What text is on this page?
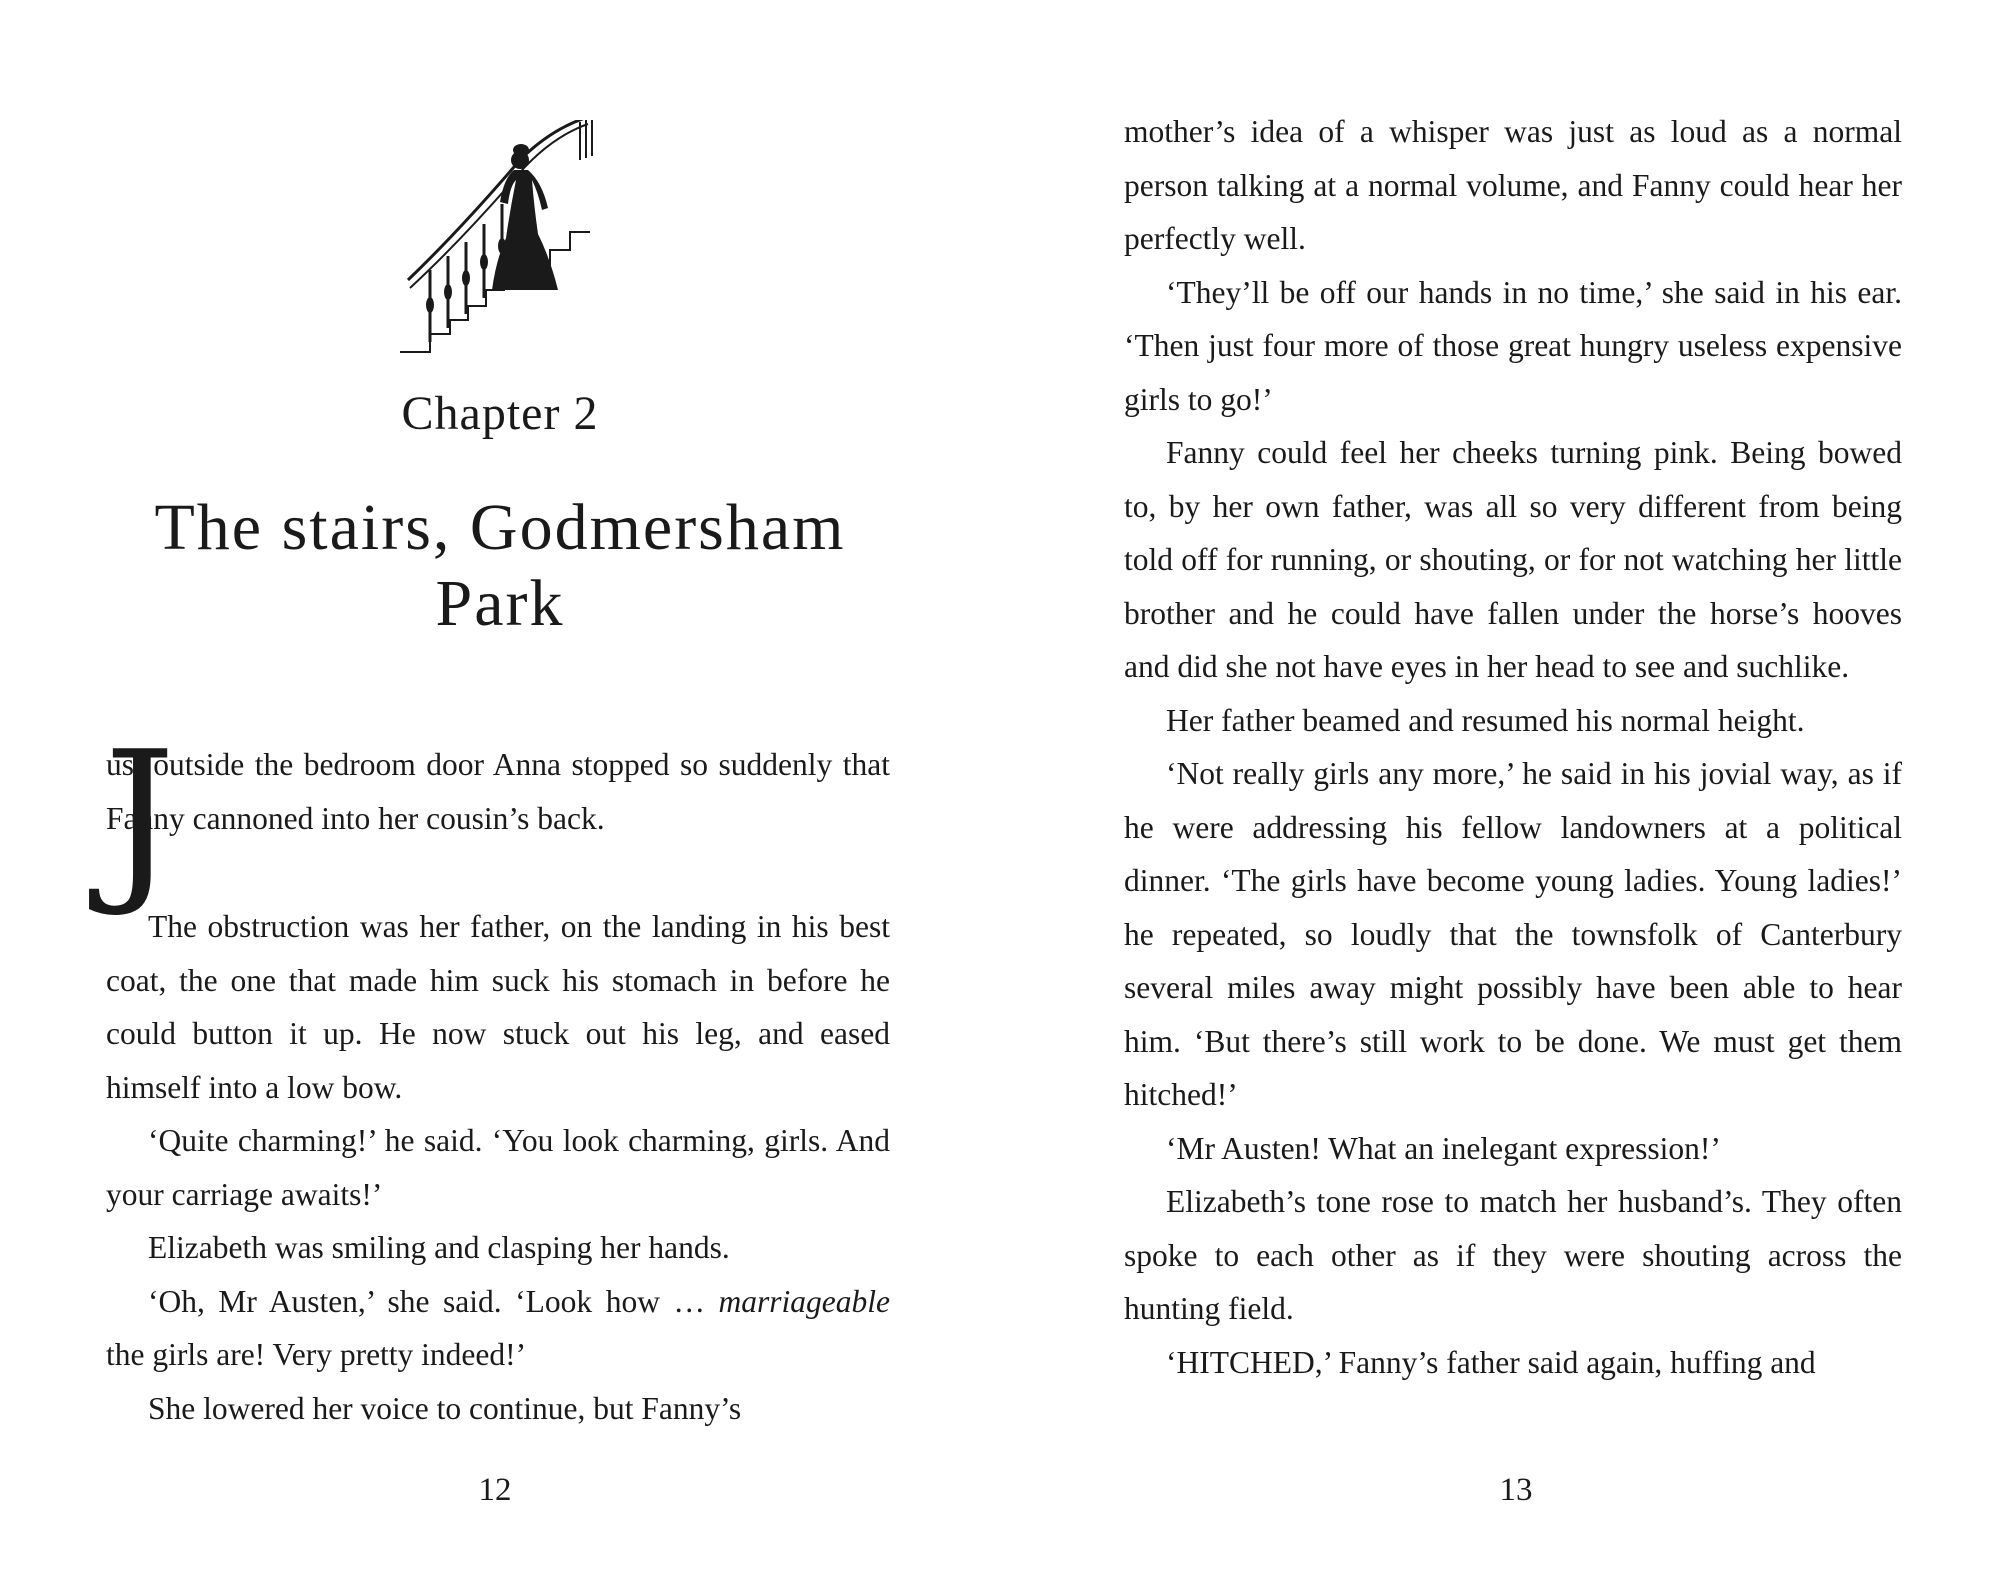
Chapter 2
The stairs, Godmersham Park
J

ust outside the bedroom door Anna stopped so suddenly that Fanny cannoned into her cousin’s back.

The obstruction was her father, on the landing in his best coat, the one that made him suck his stomach in before he could button it up. He now stuck out his leg, and eased himself into a low bow.

‘Quite charming!’ he said. ‘You look charming, girls. And your carriage awaits!’

Elizabeth was smiling and clasping her hands.

‘Oh, Mr Austen,’ she said. ‘Look how … marriageable the girls are! Very pretty indeed!’

She lowered her voice to continue, but Fanny’s

12

mother’s idea of a whisper was just as loud as a normal person talking at a normal volume, and Fanny could hear her perfectly well.

‘They’ll be off our hands in no time,’ she said in his ear. ‘Then just four more of those great hungry useless expensive girls to go!’

Fanny could feel her cheeks turning pink. Being bowed to, by her own father, was all so very different from being told off for running, or shouting, or for not watching her little brother and he could have fallen under the horse’s hooves and did she not have eyes in her head to see and suchlike.

Her father beamed and resumed his normal height.

‘Not really girls any more,’ he said in his jovial way, as if he were addressing his fellow landowners at a political dinner. ‘The girls have become young ladies. Young ladies!’ he repeated, so loudly that the townsfolk of Canterbury several miles away might possibly have been able to hear him. ‘But there’s still work to be done. We must get them hitched!’

‘Mr Austen! What an inelegant expression!’

Elizabeth’s tone rose to match her husband’s. They often spoke to each other as if they were shouting across the hunting field.

‘HITCHED,’ Fanny’s father said again, huffing and

13
